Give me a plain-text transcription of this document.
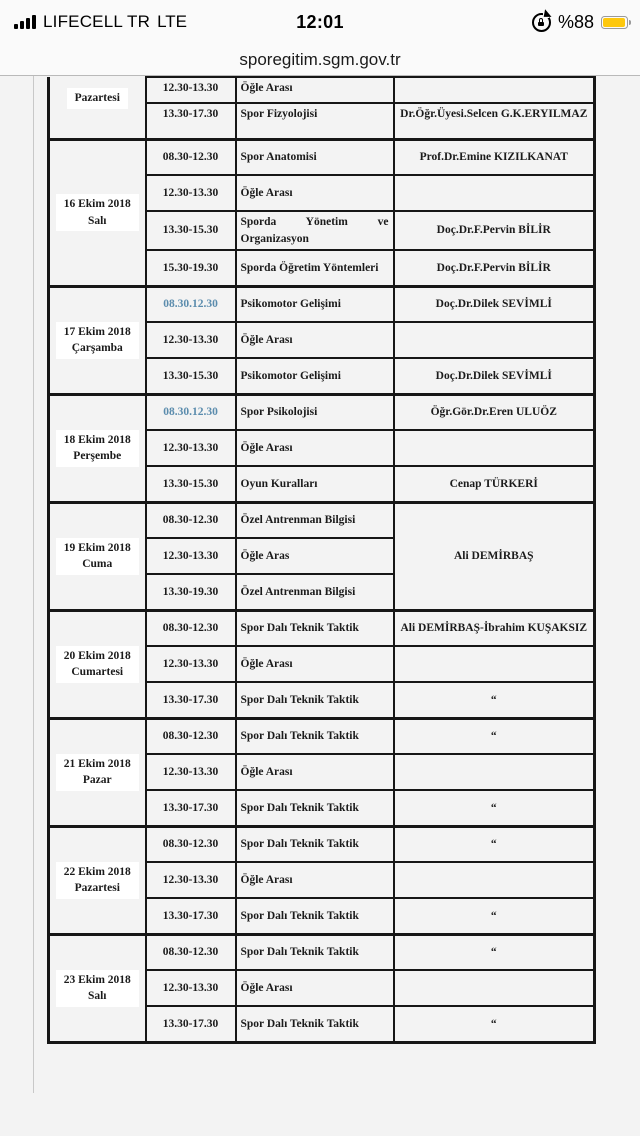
LIFECELL TR LTE	12:01	%88
sporegitim.sgm.gov.tr
Pazartesi	12.30-13.30	Öğle Arası	
	13.30-17.30	Spor Fizyolojisi	Dr.Öğr.Üyesi.Selcen G.K.ERYILMAZ
16 Ekim 2018
Salı	08.30-12.30	Spor Anatomisi	Prof.Dr.Emine KIZILKANAT
	12.30-13.30	Öğle Arası	
	13.30-15.30	Sporda Yönetim ve Organizasyon	Doç.Dr.F.Pervin BİLİR
	15.30-19.30	Sporda Öğretim Yöntemleri	Doç.Dr.F.Pervin BİLİR
17 Ekim 2018
Çarşamba	08.30.12.30	Psikomotor Gelişimi	Doç.Dr.Dilek SEVİMLİ
	12.30-13.30	Öğle Arası	
	13.30-15.30	Psikomotor Gelişimi	Doç.Dr.Dilek SEVİMLİ
18 Ekim 2018
Perşembe	08.30.12.30	Spor Psikolojisi	Öğr.Gör.Dr.Eren ULUÖZ
	12.30-13.30	Öğle Arası	
	13.30-15.30	Oyun Kuralları	Cenap TÜRKERİ
19 Ekim 2018
Cuma	08.30-12.30	Özel Antrenman Bilgisi	Ali DEMİRBAŞ
	12.30-13.30	Öğle Aras	
	13.30-19.30	Özel Antrenman Bilgisi	
20 Ekim 2018
Cumartesi	08.30-12.30	Spor Dalı Teknik Taktik	Ali DEMİRBAŞ-İbrahim KUŞAKSIZ
	12.30-13.30	Öğle Arası	
	13.30-17.30	Spor Dalı Teknik Taktik	“
21 Ekim 2018
Pazar	08.30-12.30	Spor Dalı Teknik Taktik	“
	12.30-13.30	Öğle Arası	
	13.30-17.30	Spor Dalı Teknik Taktik	“
22 Ekim 2018
Pazartesi	08.30-12.30	Spor Dalı Teknik Taktik	“
	12.30-13.30	Öğle Arası	
	13.30-17.30	Spor Dalı Teknik Taktik	“
23 Ekim 2018
Salı	08.30-12.30	Spor Dalı Teknik Taktik	“
	12.30-13.30	Öğle Arası	
	13.30-17.30	Spor Dalı Teknik Taktik	“
